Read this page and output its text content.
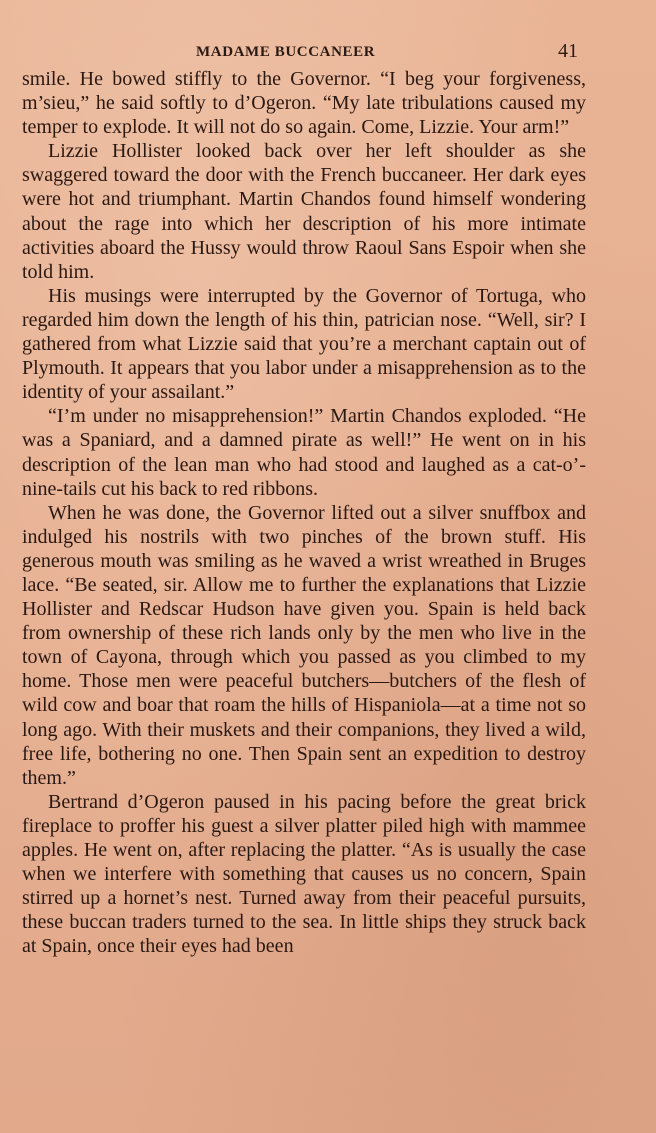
MADAME BUCCANEER	41

smile. He bowed stiffly to the Governor. “I beg your forgiveness, m’sieu,” he said softly to d’Ogeron. “My late tribulations caused my temper to explode. It will not do so again. Come, Lizzie. Your arm!”

Lizzie Hollister looked back over her left shoulder as she swaggered toward the door with the French buccaneer. Her dark eyes were hot and triumphant. Martin Chandos found himself wondering about the rage into which her description of his more intimate activities aboard the Hussy would throw Raoul Sans Espoir when she told him.

His musings were interrupted by the Governor of Tortuga, who regarded him down the length of his thin, patrician nose. “Well, sir? I gathered from what Lizzie said that you’re a merchant captain out of Plymouth. It appears that you labor under a misapprehension as to the identity of your assailant.”

“I’m under no misapprehension!” Martin Chandos exploded. “He was a Spaniard, and a damned pirate as well!” He went on in his description of the lean man who had stood and laughed as a cat-o’-nine-tails cut his back to red ribbons.

When he was done, the Governor lifted out a silver snuffbox and indulged his nostrils with two pinches of the brown stuff. His generous mouth was smiling as he waved a wrist wreathed in Bruges lace. “Be seated, sir. Allow me to further the explanations that Lizzie Hollister and Redscar Hudson have given you. Spain is held back from ownership of these rich lands only by the men who live in the town of Cayona, through which you passed as you climbed to my home. Those men were peaceful butchers—butchers of the flesh of wild cow and boar that roam the hills of Hispaniola—at a time not so long ago. With their muskets and their companions, they lived a wild, free life, bothering no one. Then Spain sent an expedition to destroy them.”

Bertrand d’Ogeron paused in his pacing before the great brick fireplace to proffer his guest a silver platter piled high with mammee apples. He went on, after replacing the platter. “As is usually the case when we interfere with something that causes us no concern, Spain stirred up a hornet’s nest. Turned away from their peaceful pursuits, these buccan traders turned to the sea. In little ships they struck back at Spain, once their eyes had been
